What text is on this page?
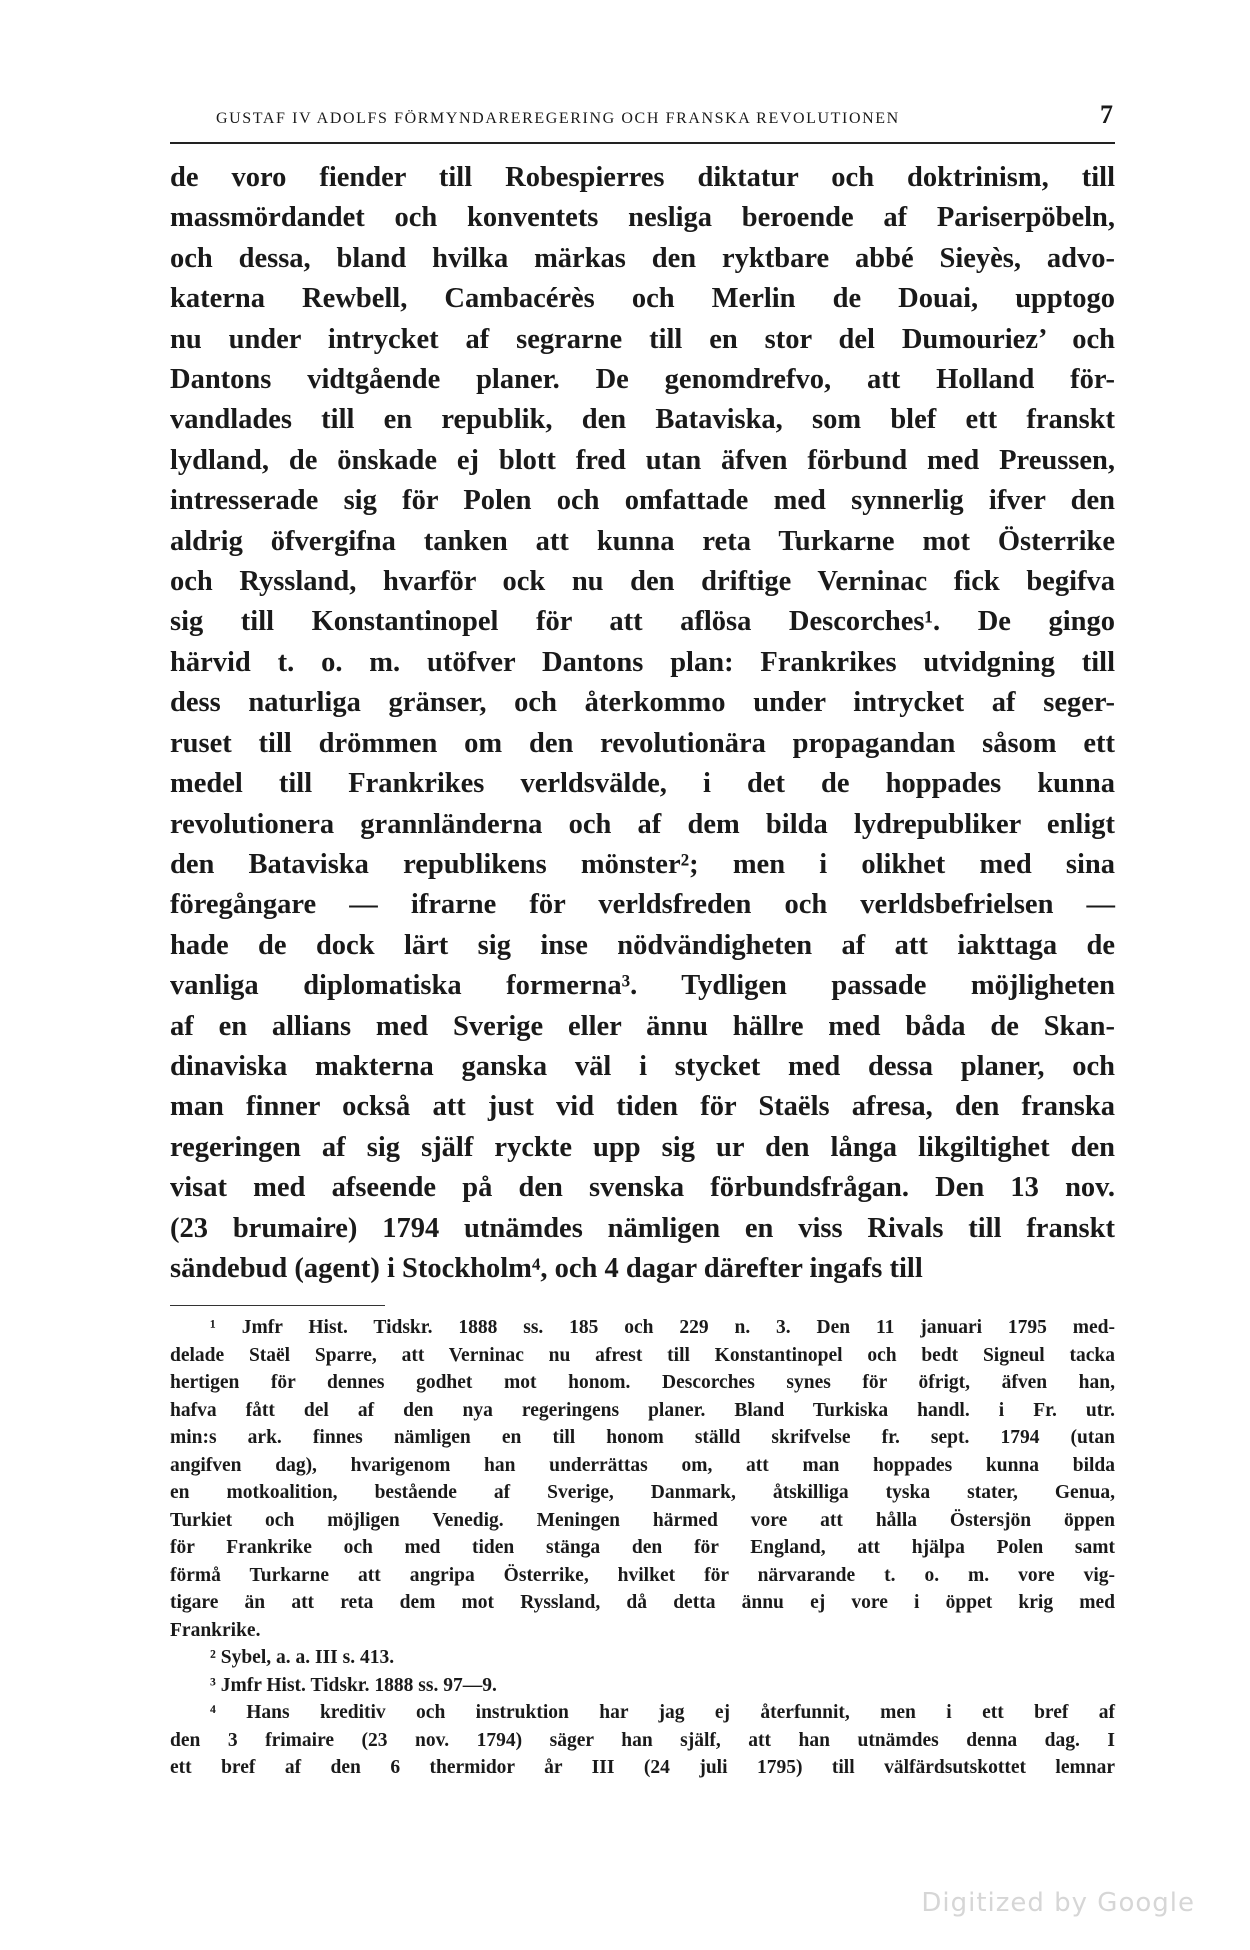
GUSTAF IV ADOLFS FÖRMYNDAREREGERING OCH FRANSKA REVOLUTIONEN	7

de voro fiender till Robespierres diktatur och doktrinism, till
massmördandet och konventets nesliga beroende af Pariserpöbeln,
och dessa, bland hvilka märkas den ryktbare abbé Sieyès, advo-
katerna Rewbell, Cambacérès och Merlin de Douai, upptogo
nu under intrycket af segrarne till en stor del Dumouriez’ och
Dantons vidtgående planer. De genomdrefvo, att Holland för-
vandlades till en republik, den Bataviska, som blef ett franskt
lydland, de önskade ej blott fred utan äfven förbund med Preussen,
intresserade sig för Polen och omfattade med synnerlig ifver den
aldrig öfvergifna tanken att kunna reta Turkarne mot Österrike
och Ryssland, hvarför ock nu den driftige Verninac fick begifva
sig till Konstantinopel för att aflösa Descorches¹. De gingo
härvid t. o. m. utöfver Dantons plan: Frankrikes utvidgning till
dess naturliga gränser, och återkommo under intrycket af seger-
ruset till drömmen om den revolutionära propagandan såsom ett
medel till Frankrikes verldsvälde, i det de hoppades kunna
revolutionera grannländerna och af dem bilda lydrepubliker enligt
den Bataviska republikens mönster²; men i olikhet med sina
föregångare — ifrarne för verldsfreden och verldsbefrielsen —
hade de dock lärt sig inse nödvändigheten af att iakttaga de
vanliga diplomatiska formerna³. Tydligen passade möjligheten
af en allians med Sverige eller ännu hällre med båda de Skan-
dinaviska makterna ganska väl i stycket med dessa planer, och
man finner också att just vid tiden för Staëls afresa, den franska
regeringen af sig själf ryckte upp sig ur den långa likgiltighet den
visat med afseende på den svenska förbundsfrågan. Den 13 nov.
(23 brumaire) 1794 utnämdes nämligen en viss Rivals till franskt
sändebud (agent) i Stockholm⁴, och 4 dagar därefter ingafs till

¹ Jmfr Hist. Tidskr. 1888 ss. 185 och 229 n. 3. Den 11 januari 1795 med-
delade Staël Sparre, att Verninac nu afrest till Konstantinopel och bedt Signeul tacka
hertigen för dennes godhet mot honom. Descorches synes för öfrigt, äfven han,
hafva fått del af den nya regeringens planer. Bland Turkiska handl. i Fr. utr.
min:s ark. finnes nämligen en till honom ställd skrifvelse fr. sept. 1794 (utan
angifven dag), hvarigenom han underrättas om, att man hoppades kunna bilda
en motkoalition, bestående af Sverige, Danmark, åtskilliga tyska stater, Genua,
Turkiet och möjligen Venedig. Meningen härmed vore att hålla Östersjön öppen
för Frankrike och med tiden stänga den för England, att hjälpa Polen samt
förmå Turkarne att angripa Österrike, hvilket för närvarande t. o. m. vore vig-
tigare än att reta dem mot Ryssland, då detta ännu ej vore i öppet krig med
Frankrike.
² Sybel, a. a. III s. 413.
³ Jmfr Hist. Tidskr. 1888 ss. 97—9.
⁴ Hans kreditiv och instruktion har jag ej återfunnit, men i ett bref af
den 3 frimaire (23 nov. 1794) säger han själf, att han utnämdes denna dag. I
ett bref af den 6 thermidor år III (24 juli 1795) till välfärdsutskottet lemnar
Digitized by Google
